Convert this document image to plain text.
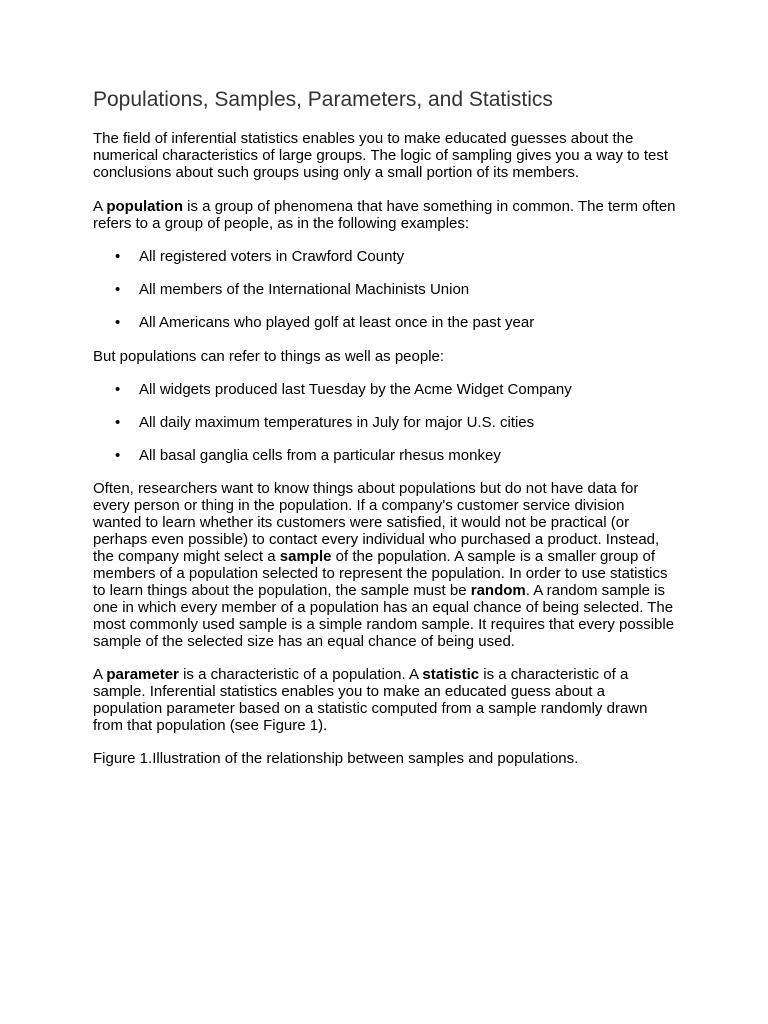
Populations, Samples, Parameters, and Statistics

The field of inferential statistics enables you to make educated guesses about the numerical characteristics of large groups. The logic of sampling gives you a way to test conclusions about such groups using only a small portion of its members.

A population is a group of phenomena that have something in common. The term often refers to a group of people, as in the following examples:

• All registered voters in Crawford County
• All members of the International Machinists Union
• All Americans who played golf at least once in the past year

But populations can refer to things as well as people:

• All widgets produced last Tuesday by the Acme Widget Company
• All daily maximum temperatures in July for major U.S. cities
• All basal ganglia cells from a particular rhesus monkey

Often, researchers want to know things about populations but do not have data for every person or thing in the population. If a company's customer service division wanted to learn whether its customers were satisfied, it would not be practical (or perhaps even possible) to contact every individual who purchased a product. Instead, the company might select a sample of the population. A sample is a smaller group of members of a population selected to represent the population. In order to use statistics to learn things about the population, the sample must be random. A random sample is one in which every member of a population has an equal chance of being selected. The most commonly used sample is a simple random sample. It requires that every possible sample of the selected size has an equal chance of being used.

A parameter is a characteristic of a population. A statistic is a characteristic of a sample. Inferential statistics enables you to make an educated guess about a population parameter based on a statistic computed from a sample randomly drawn from that population (see Figure 1).

Figure 1.Illustration of the relationship between samples and populations.
